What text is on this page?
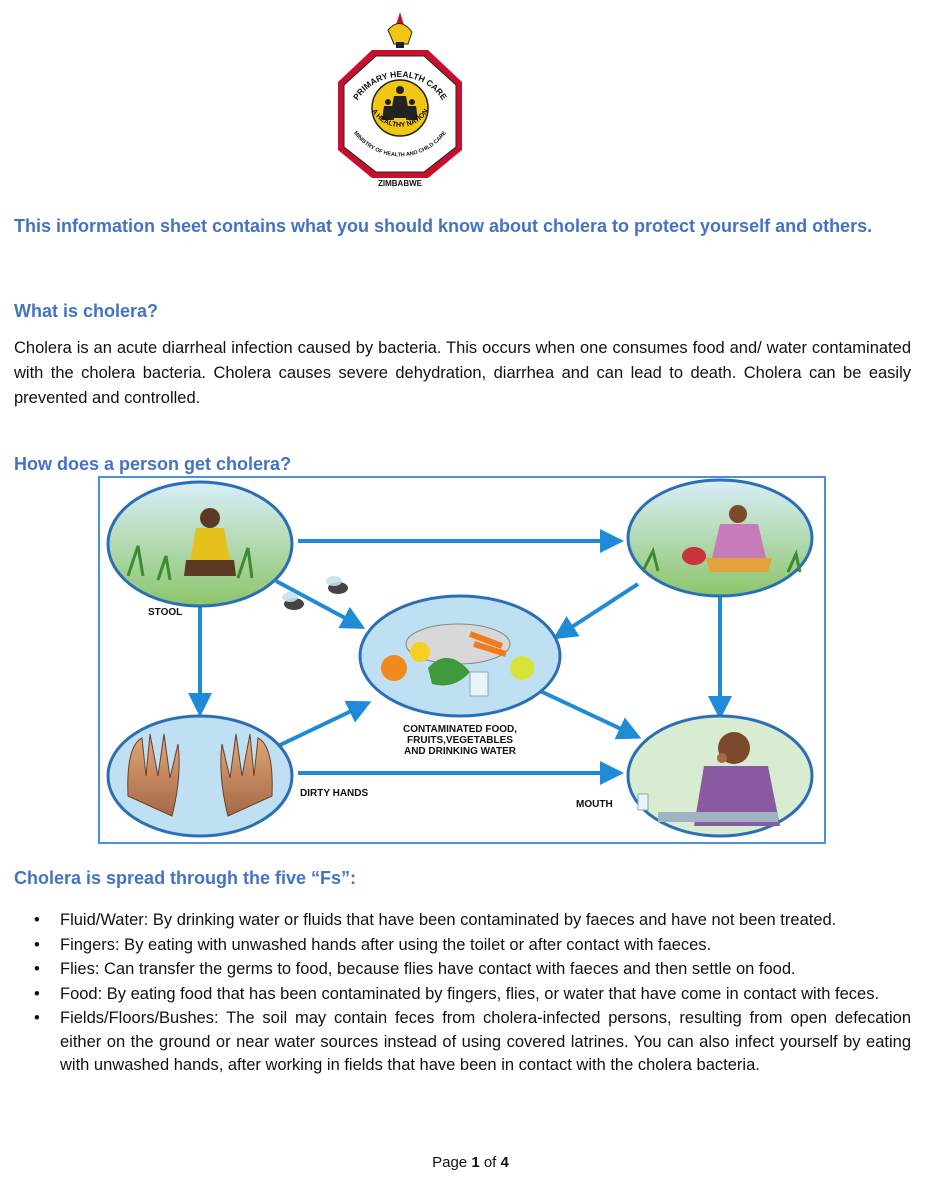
PRIMARY HEALTH CARE
A HEALTHY NATION
MINISTRY OF HEALTH AND CHILD CARE
ZIMBABWE
This information sheet contains what you should know about cholera to protect yourself and others.
What is cholera?
Cholera is an acute diarrheal infection caused by bacteria. This occurs when one consumes food and/ water contaminated with the cholera bacteria. Cholera causes severe dehydration, diarrhea and can lead to death. Cholera can be easily prevented and controlled.
How does a person get cholera?
STOOL
CONTAMINATED FOOD,
FRUITS,VEGETABLES
AND DRINKING WATER
DIRTY HANDS
MOUTH
Cholera is spread through the five “Fs”:
• Fluid/Water: By drinking water or fluids that have been contaminated by faeces and have not been treated.
• Fingers: By eating with unwashed hands after using the toilet or after contact with faeces.
• Flies: Can transfer the germs to food, because flies have contact with faeces and then settle on food.
• Food: By eating food that has been contaminated by fingers, flies, or water that have come in contact with feces.
• Fields/Floors/Bushes: The soil may contain feces from cholera-infected persons, resulting from open defecation either on the ground or near water sources instead of using covered latrines. You can also infect yourself by eating with unwashed hands, after working in fields that have been in contact with the cholera bacteria.
Page 1 of 4
